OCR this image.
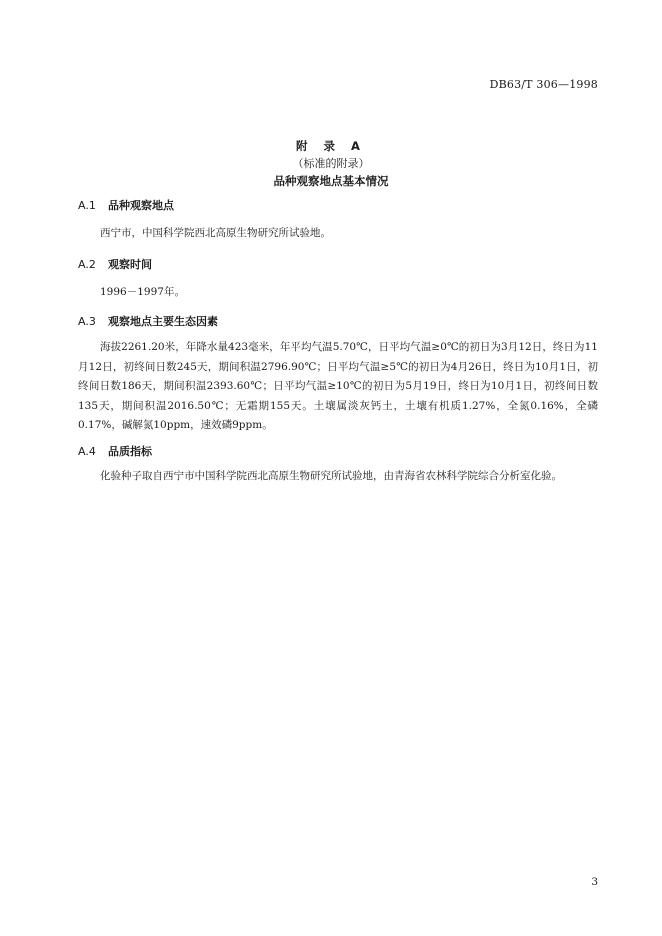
DB63/T 306—1998
附 录 A
（标准的附录）
品种观察地点基本情况
A.1 品种观察地点

西宁市，中国科学院西北高原生物研究所试验地。

A.2 观察时间

1996－1997年。

A.3 观察地点主要生态因素

海拔2261.20米，年降水量423毫米，年平均气温5.70℃，日平均气温≥0℃的初日为3月12日，终日为11月12日，初终间日数245天，期间积温2796.90℃；日平均气温≥5℃的初日为4月26日，终日为10月1日，初终间日数186天，期间积温2393.60℃；日平均气温≥10℃的初日为5月19日，终日为10月1日，初终间日数135天，期间积温2016.50℃；无霜期155天。土壤属淡灰钙土，土壤有机质1.27%，全氮0.16%，全磷0.17%，碱解氮10ppm，速效磷9ppm。

A.4 品质指标

化验种子取自西宁市中国科学院西北高原生物研究所试验地，由青海省农林科学院综合分析室化验。

3
